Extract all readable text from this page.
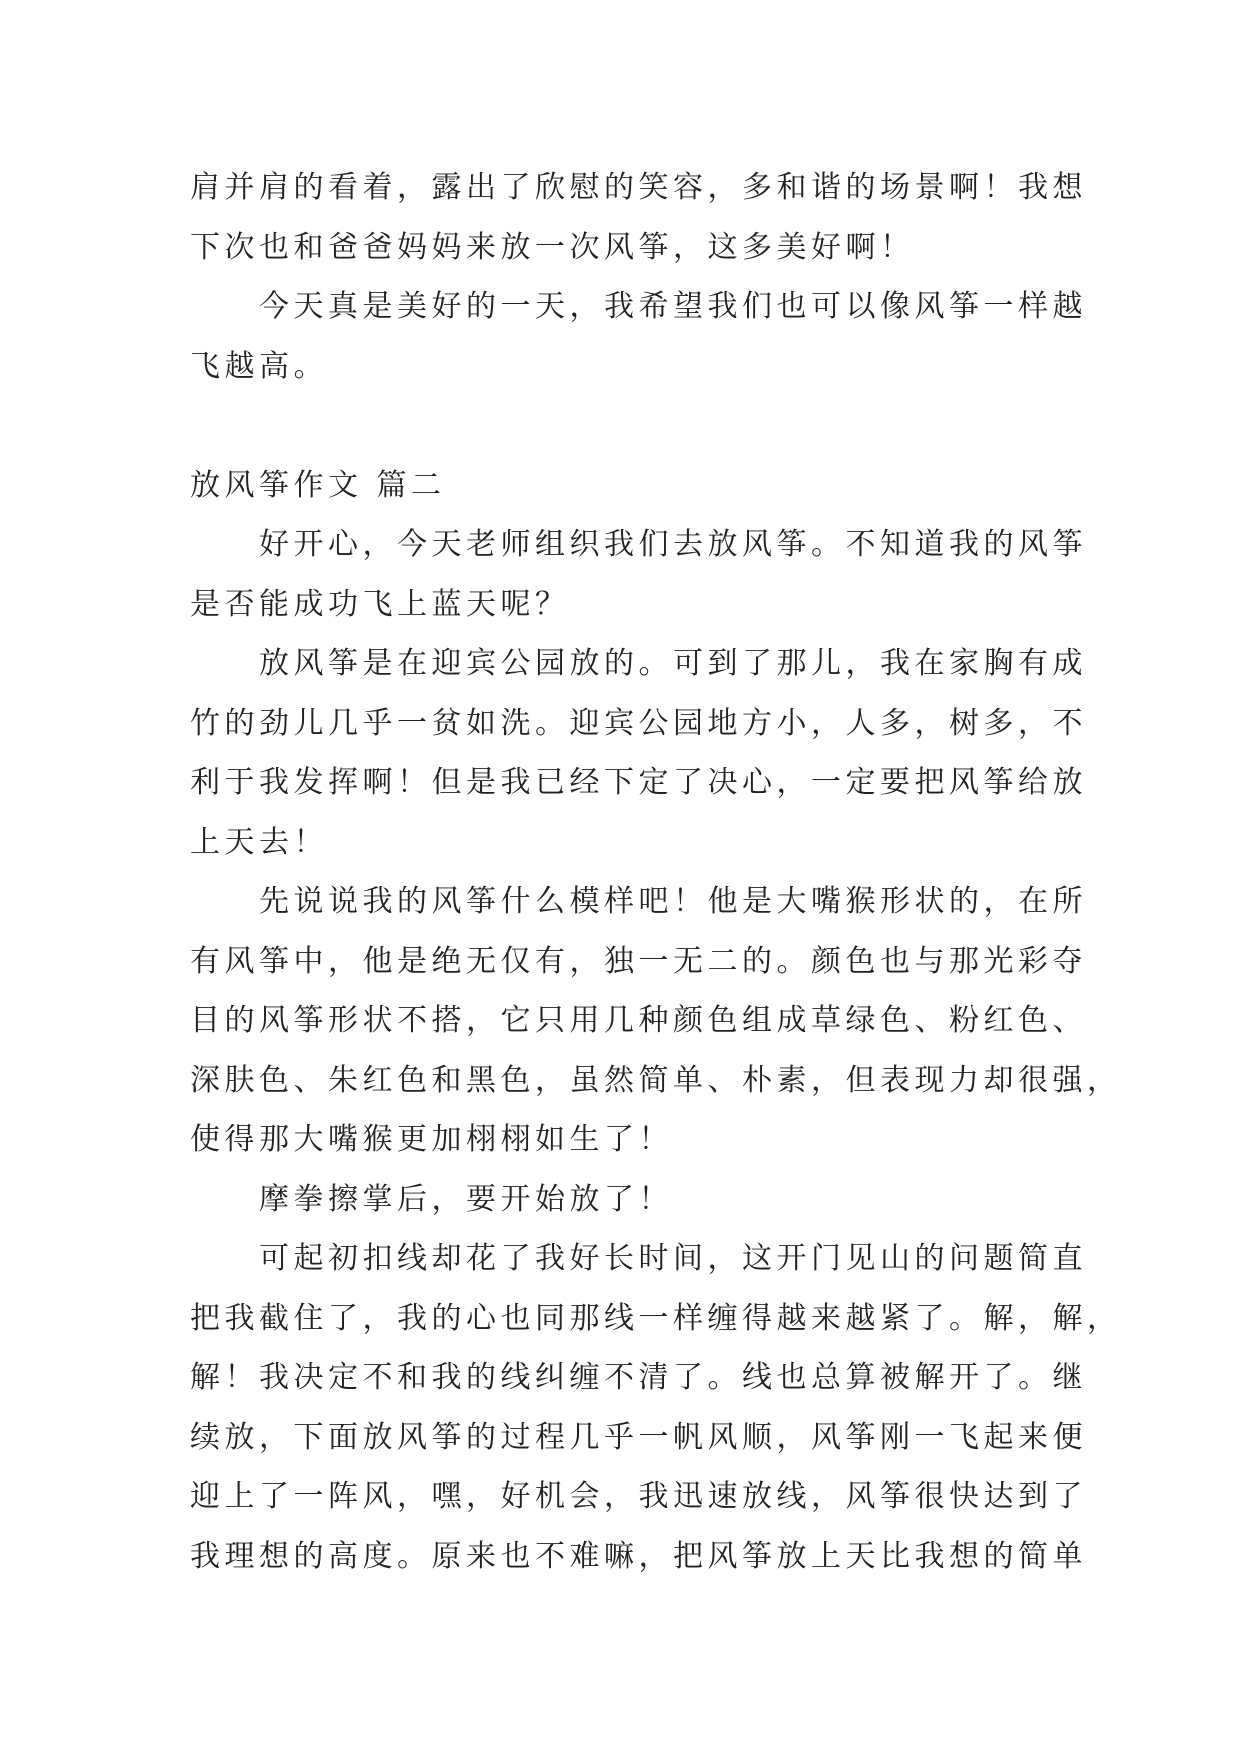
肩并肩的看着，露出了欣慰的笑容，多和谐的场景啊！我想
下次也和爸爸妈妈来放一次风筝，这多美好啊！
今天真是美好的一天，我希望我们也可以像风筝一样越
飞越高。
放风筝作文 篇二
好开心，今天老师组织我们去放风筝。不知道我的风筝
是否能成功飞上蓝天呢？
放风筝是在迎宾公园放的。可到了那儿，我在家胸有成
竹的劲儿几乎一贫如洗。迎宾公园地方小，人多，树多，不
利于我发挥啊！但是我已经下定了决心，一定要把风筝给放
上天去！
先说说我的风筝什么模样吧！他是大嘴猴形状的，在所
有风筝中，他是绝无仅有，独一无二的。颜色也与那光彩夺
目的风筝形状不搭，它只用几种颜色组成草绿色、粉红色、
深肤色、朱红色和黑色，虽然简单、朴素，但表现力却很强，
使得那大嘴猴更加栩栩如生了！
摩拳擦掌后，要开始放了！
可起初扣线却花了我好长时间，这开门见山的问题简直
把我截住了，我的心也同那线一样缠得越来越紧了。解，解，
解！我决定不和我的线纠缠不清了。线也总算被解开了。继
续放，下面放风筝的过程几乎一帆风顺，风筝刚一飞起来便
迎上了一阵风，嘿，好机会，我迅速放线，风筝很快达到了
我理想的高度。原来也不难嘛，把风筝放上天比我想的简单
